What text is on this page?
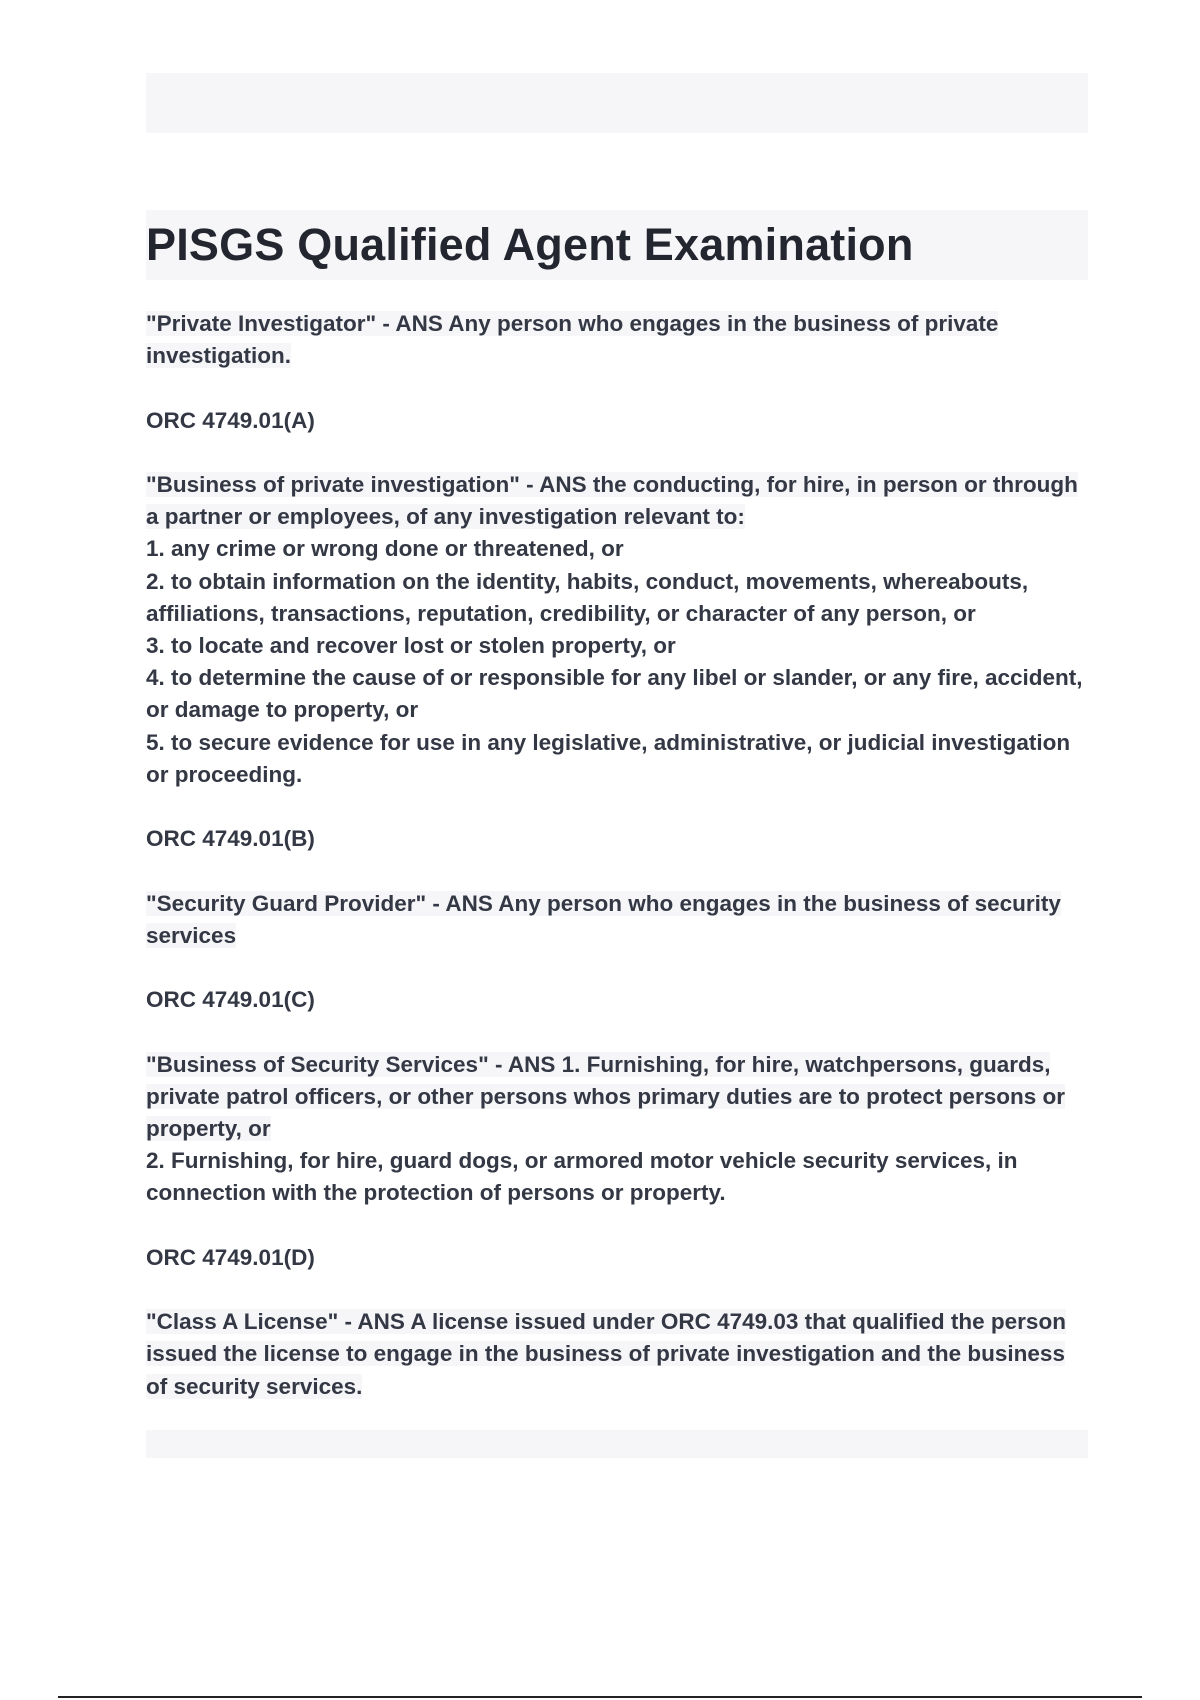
PISGS Qualified Agent Examination

"Private Investigator" - ANS Any person who engages in the business of private investigation.

ORC 4749.01(A)

"Business of private investigation" - ANS the conducting, for hire, in person or through a partner or employees, of any investigation relevant to:
1. any crime or wrong done or threatened, or
2. to obtain information on the identity, habits, conduct, movements, whereabouts, affiliations, transactions, reputation, credibility, or character of any person, or
3. to locate and recover lost or stolen property, or
4. to determine the cause of or responsible for any libel or slander, or any fire, accident, or damage to property, or
5. to secure evidence for use in any legislative, administrative, or judicial investigation or proceeding.

ORC 4749.01(B)

"Security Guard Provider" - ANS Any person who engages in the business of security services

ORC 4749.01(C)

"Business of Security Services" - ANS 1. Furnishing, for hire, watchpersons, guards, private patrol officers, or other persons whos primary duties are to protect persons or property, or
2. Furnishing, for hire, guard dogs, or armored motor vehicle security services, in connection with the protection of persons or property.

ORC 4749.01(D)

"Class A License" - ANS A license issued under ORC 4749.03 that qualified the person issued the license to engage in the business of private investigation and the business of security services.
